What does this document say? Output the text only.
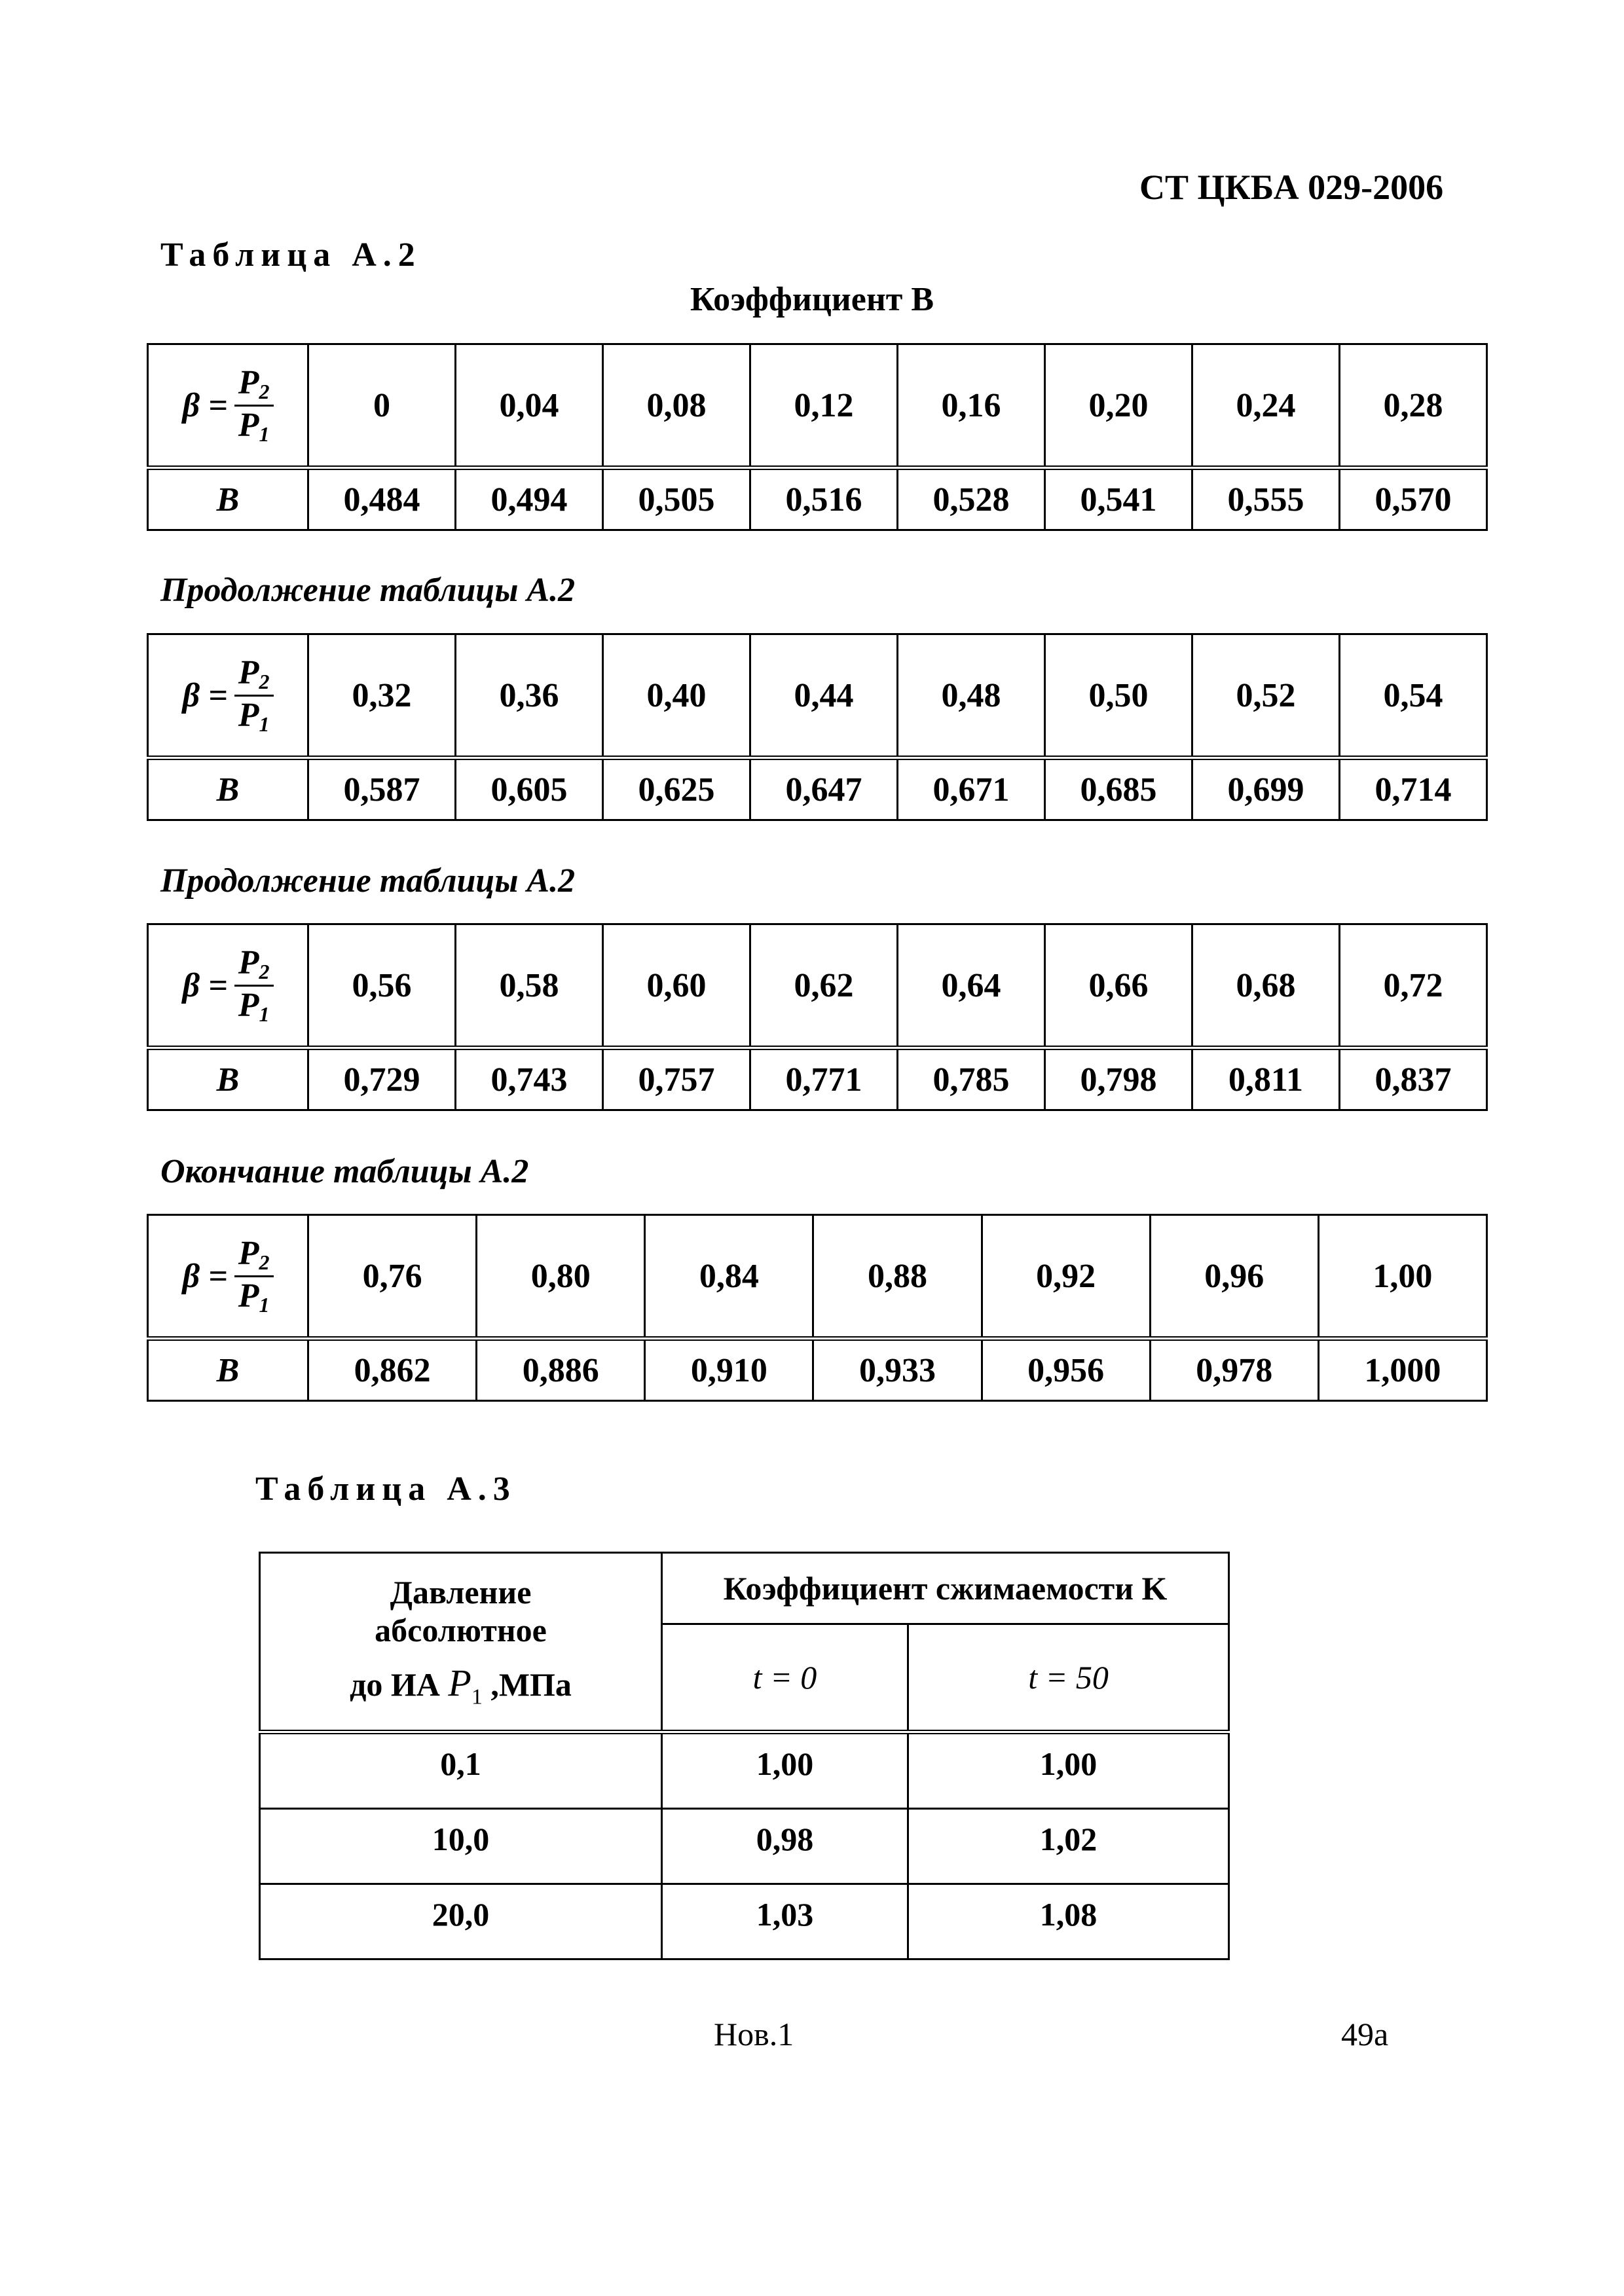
СТ ЦКБА 029-2006
Таблица А.2
Коэффициент B
$\beta = \frac{P_2}{P_1}$	0	0,04	0,08	0,12	0,16	0,20	0,24	0,28
B	0,484	0,494	0,505	0,516	0,528	0,541	0,555	0,570
Продолжение таблицы А.2
$\beta = \frac{P_2}{P_1}$	0,32	0,36	0,40	0,44	0,48	0,50	0,52	0,54
B	0,587	0,605	0,625	0,647	0,671	0,685	0,699	0,714
Продолжение таблицы А.2
$\beta = \frac{P_2}{P_1}$	0,56	0,58	0,60	0,62	0,64	0,66	0,68	0,72
B	0,729	0,743	0,757	0,771	0,785	0,798	0,811	0,837
Окончание таблицы А.2
$\beta = \frac{P_2}{P_1}$	0,76	0,80	0,84	0,88	0,92	0,96	1,00
B	0,862	0,886	0,910	0,933	0,956	0,978	1,000
Таблица А.3
Давление
абсолютное
до ИА $P_1$ ,МПа	Коэффициент сжимаемости K	
	t = 0	t = 50
0,1	1,00	1,00
10,0	0,98	1,02
20,0	1,03	1,08
Нов.1	49а
